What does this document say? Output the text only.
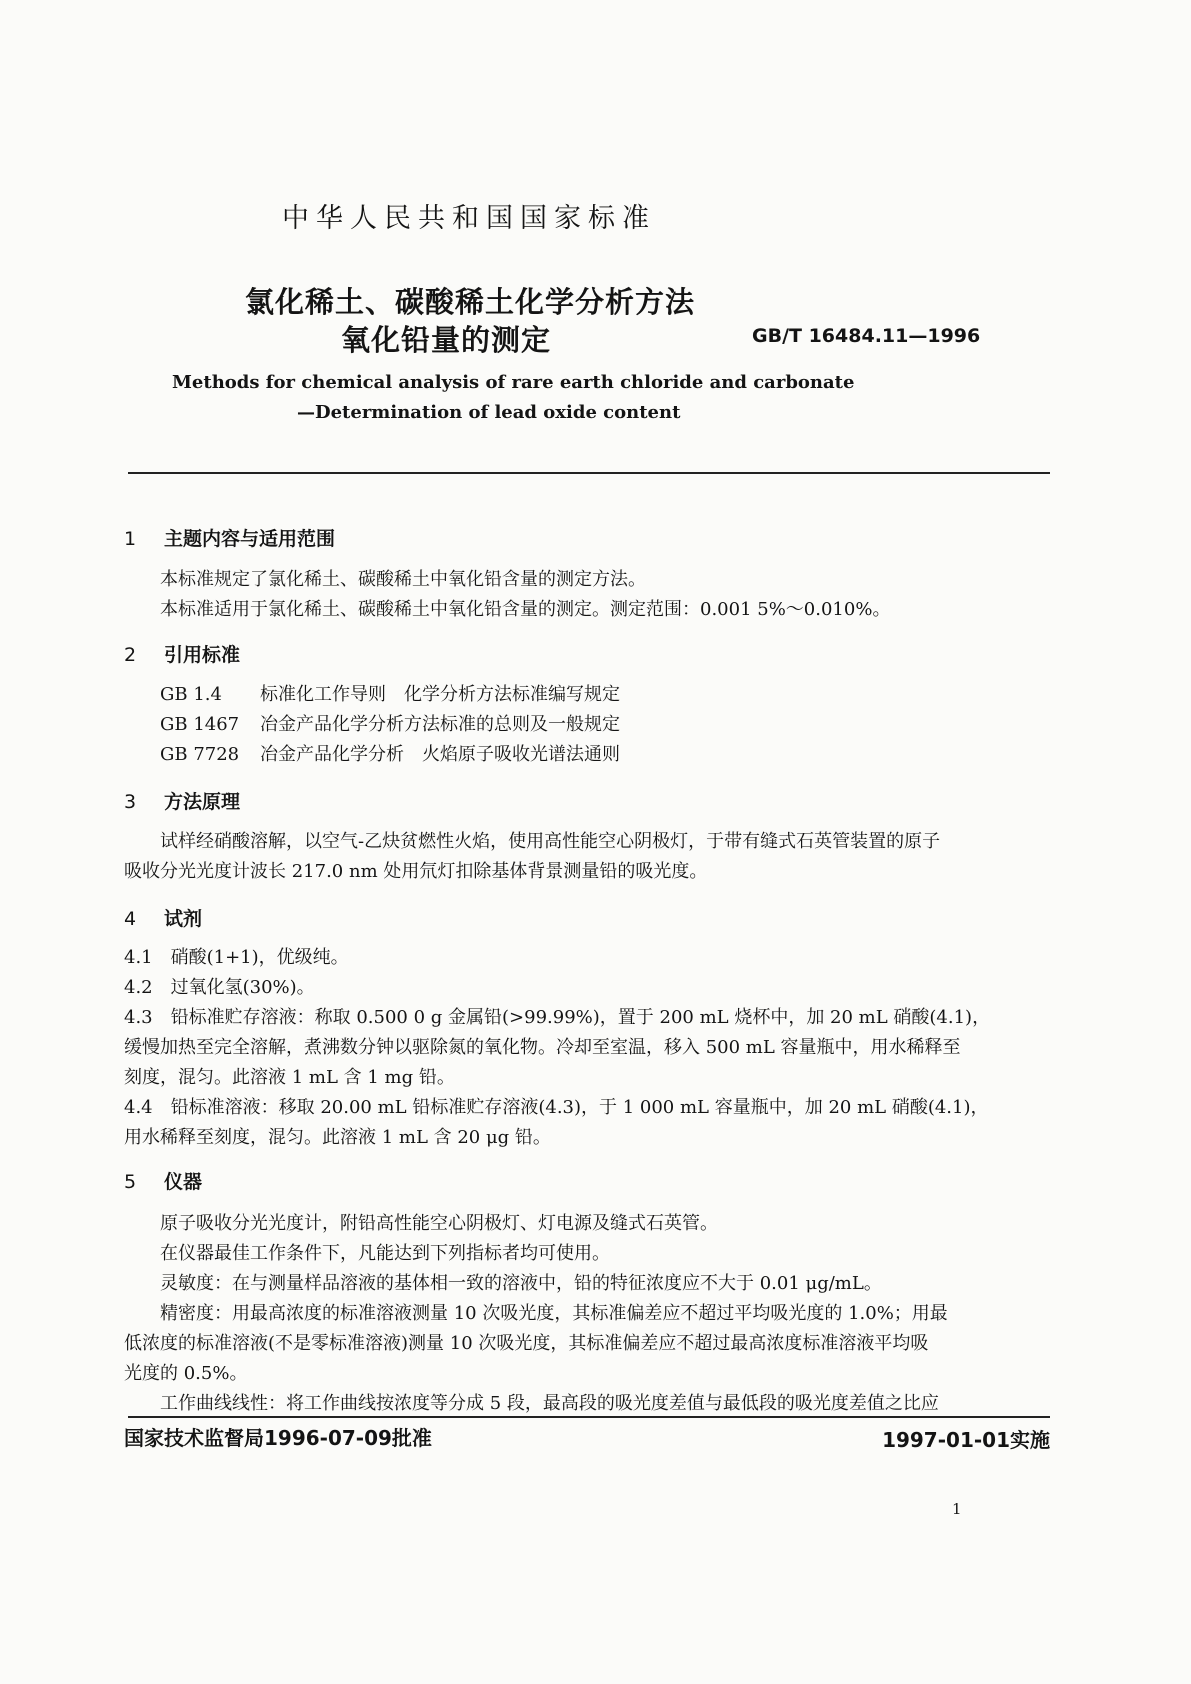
中华人民共和国国家标准
氯化稀土、碳酸稀土化学分析方法
氧化铅量的测定	GB/T 16484.11—1996
Methods for chemical analysis of rare earth chloride and carbonate
—Determination of lead oxide content
1 主题内容与适用范围
本标准规定了氯化稀土、碳酸稀土中氧化铅含量的测定方法。
本标准适用于氯化稀土、碳酸稀土中氧化铅含量的测定。测定范围：0.001 5%～0.010%。
2 引用标准
GB 1.4 标准化工作导则　化学分析方法标准编写规定
GB 1467 冶金产品化学分析方法标准的总则及一般规定
GB 7728 冶金产品化学分析　火焰原子吸收光谱法通则
3 方法原理
试样经硝酸溶解，以空气-乙炔贫燃性火焰，使用高性能空心阴极灯，于带有缝式石英管装置的原子
吸收分光光度计波长 217.0 nm 处用氘灯扣除基体背景测量铅的吸光度。
4 试剂
4.1　硝酸(1+1)，优级纯。
4.2　过氧化氢(30%)。
4.3　铅标准贮存溶液：称取 0.500 0 g 金属铅(>99.99%)，置于 200 mL 烧杯中，加 20 mL 硝酸(4.1)，
缓慢加热至完全溶解，煮沸数分钟以驱除氮的氧化物。冷却至室温，移入 500 mL 容量瓶中，用水稀释至
刻度，混匀。此溶液 1 mL 含 1 mg 铅。
4.4　铅标准溶液：移取 20.00 mL 铅标准贮存溶液(4.3)，于 1 000 mL 容量瓶中，加 20 mL 硝酸(4.1)，
用水稀释至刻度，混匀。此溶液 1 mL 含 20 μg 铅。
5 仪器
原子吸收分光光度计，附铅高性能空心阴极灯、灯电源及缝式石英管。
在仪器最佳工作条件下，凡能达到下列指标者均可使用。
灵敏度：在与测量样品溶液的基体相一致的溶液中，铅的特征浓度应不大于 0.01 μg/mL。
精密度：用最高浓度的标准溶液测量 10 次吸光度，其标准偏差应不超过平均吸光度的 1.0%；用最
低浓度的标准溶液(不是零标准溶液)测量 10 次吸光度，其标准偏差应不超过最高浓度标准溶液平均吸
光度的 0.5%。
工作曲线线性：将工作曲线按浓度等分成 5 段，最高段的吸光度差值与最低段的吸光度差值之比应
国家技术监督局1996-07-09批准	1997-01-01实施
1
